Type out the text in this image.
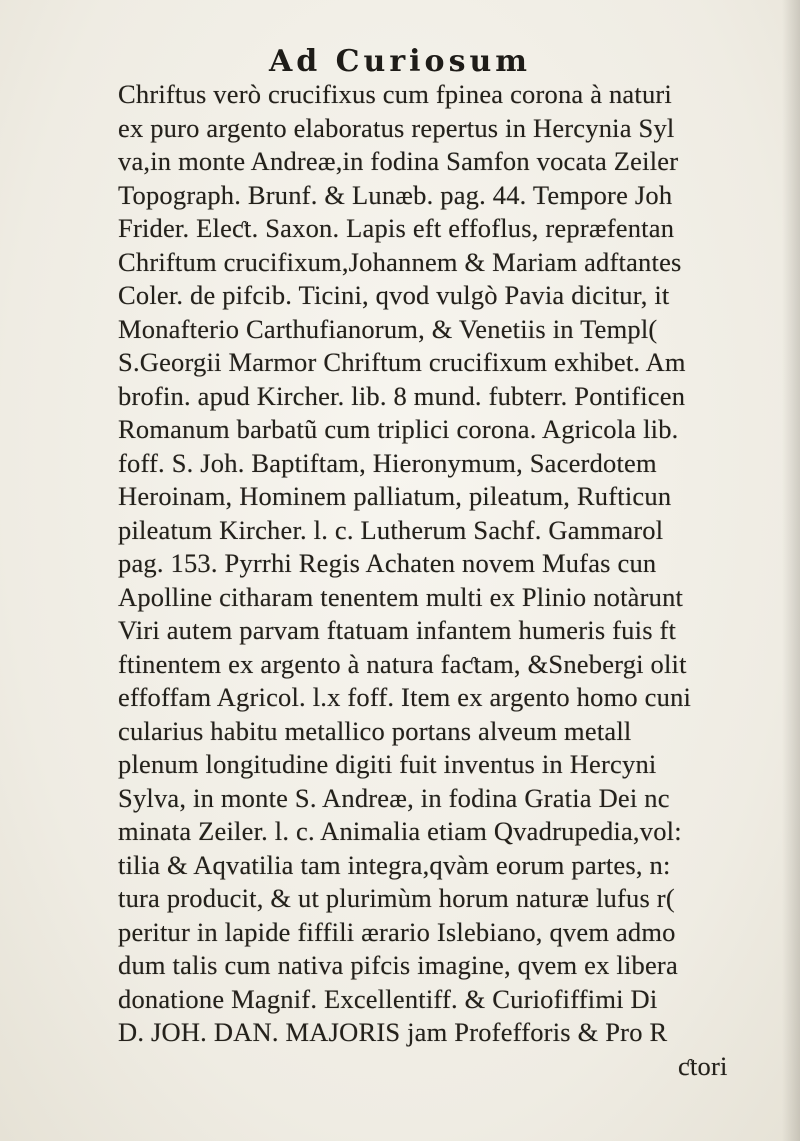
Ad Curiosum
Chriftus verò crucifixus cum fpinea corona à naturi
ex puro argento elaboratus repertus in Hercynia Syl
va,in monte Andreæ,in fodina Samfon vocata Zeiler
Topograph. Brunf. & Lunæb. pag. 44. Tempore Joh
Frider. Eleƈt. Saxon. Lapis eft effoflus, repræfentan
Chriftum crucifixum,Johannem & Mariam adftantes
Coler. de pifcib. Ticini, qvod vulgò Pavia dicitur, it
Monafterio Carthufianorum, & Venetiis in Templ(
S.Georgii Marmor Chriftum crucifixum exhibet. Am
brofin. apud Kircher. lib. 8 mund. fubterr. Pontificen
Romanum barbatũ cum triplici corona. Agricola lib.
foff. S. Joh. Baptiftam, Hieronymum, Sacerdotem
Heroinam, Hominem palliatum, pileatum, Rufticun
pileatum Kircher. l. c. Lutherum Sachf. Gammarol
pag. 153. Pyrrhi Regis Achaten novem Mufas cun
Apolline citharam tenentem multi ex Plinio notàrunt
Viri autem parvam ftatuam infantem humeris fuis ft
ftinentem ex argento à natura faƈtam, &Snebergi olit
effoffam Agricol. l.x foff. Item ex argento homo cuni
cularius habitu metallico portans alveum metall
plenum longitudine digiti fuit inventus in Hercyni
Sylva, in monte S. Andreæ, in fodina Gratia Dei nc
minata Zeiler. l. c. Animalia etiam Qvadrupedia,vol:
tilia & Aqvatilia tam integra,qvàm eorum partes, n:
tura producit, & ut plurimùm horum naturæ lufus r(
peritur in lapide fiffili ærario Islebiano, qvem admo
dum talis cum nativa pifcis imagine, qvem ex libera
donatione Magnif. Excellentiff. & Curiofiffimi Di
D. JOH. DAN. MAJORIS jam Profefforis & Pro R
ƈtori
